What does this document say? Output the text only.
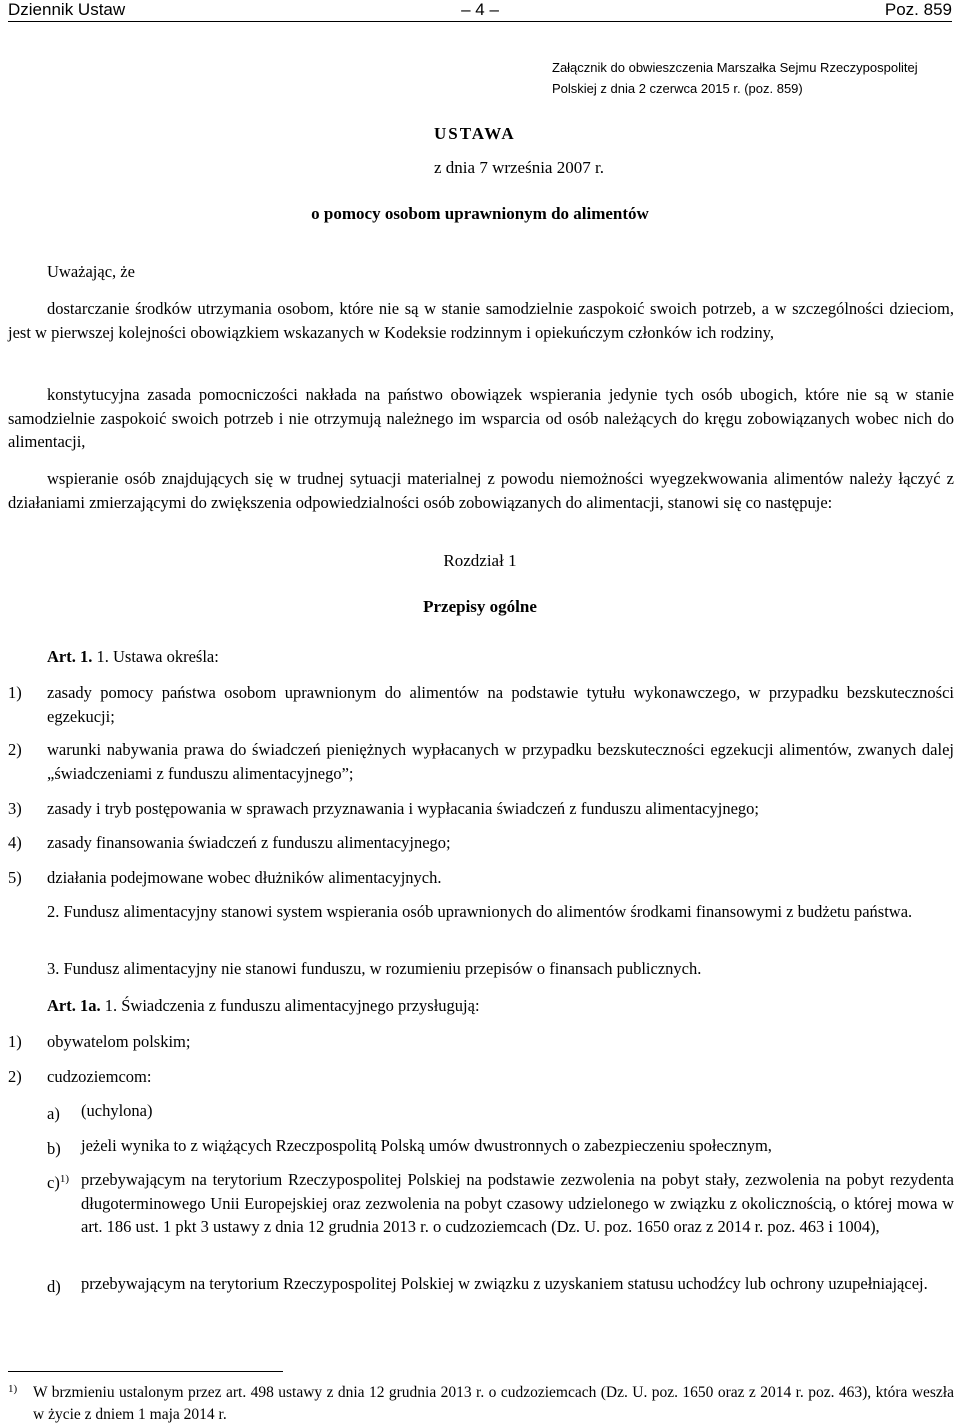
Dziennik Ustaw	– 4 –	Poz. 859
Załącznik do obwieszczenia Marszałka Sejmu Rzeczypospolitej Polskiej z dnia 2 czerwca 2015 r. (poz. 859)
USTAWA
z dnia 7 września 2007 r.
o pomocy osobom uprawnionym do alimentów
Uważając, że
dostarczanie środków utrzymania osobom, które nie są w stanie samodzielnie zaspokoić swoich potrzeb, a w szczególności dzieciom, jest w pierwszej kolejności obowiązkiem wskazanych w Kodeksie rodzinnym i opiekuńczym członków ich rodziny,
konstytucyjna zasada pomocniczości nakłada na państwo obowiązek wspierania jedynie tych osób ubogich, które nie są w stanie samodzielnie zaspokoić swoich potrzeb i nie otrzymują należnego im wsparcia od osób należących do kręgu zobowiązanych wobec nich do alimentacji,
wspieranie osób znajdujących się w trudnej sytuacji materialnej z powodu niemożności wyegzekwowania alimentów należy łączyć z działaniami zmierzającymi do zwiększenia odpowiedzialności osób zobowiązanych do alimentacji, stanowi się co następuje:
Rozdział 1
Przepisy ogólne
Art. 1. 1. Ustawa określa:
1) zasady pomocy państwa osobom uprawnionym do alimentów na podstawie tytułu wykonawczego, w przypadku bezskuteczności egzekucji;
2) warunki nabywania prawa do świadczeń pieniężnych wypłacanych w przypadku bezskuteczności egzekucji alimentów, zwanych dalej „świadczeniami z funduszu alimentacyjnego”;
3) zasady i tryb postępowania w sprawach przyznawania i wypłacania świadczeń z funduszu alimentacyjnego;
4) zasady finansowania świadczeń z funduszu alimentacyjnego;
5) działania podejmowane wobec dłużników alimentacyjnych.
2. Fundusz alimentacyjny stanowi system wspierania osób uprawnionych do alimentów środkami finansowymi z budżetu państwa.
3. Fundusz alimentacyjny nie stanowi funduszu, w rozumieniu przepisów o finansach publicznych.
Art. 1a. 1. Świadczenia z funduszu alimentacyjnego przysługują:
1) obywatelom polskim;
2) cudzoziemcom:
a) (uchylona)
b) jeżeli wynika to z wiążących Rzeczpospolitą Polską umów dwustronnych o zabezpieczeniu społecznym,
c)$^{1)}$ przebywającym na terytorium Rzeczypospolitej Polskiej na podstawie zezwolenia na pobyt stały, zezwolenia na pobyt rezydenta długoterminowego Unii Europejskiej oraz zezwolenia na pobyt czasowy udzielonego w związku z okolicznością, o której mowa w art. 186 ust. 1 pkt 3 ustawy z dnia 12 grudnia 2013 r. o cudzoziemcach (Dz. U. poz. 1650 oraz z 2014 r. poz. 463 i 1004),
d) przebywającym na terytorium Rzeczypospolitej Polskiej w związku z uzyskaniem statusu uchodźcy lub ochrony uzupełniającej.
1) W brzmieniu ustalonym przez art. 498 ustawy z dnia 12 grudnia 2013 r. o cudzoziemcach (Dz. U. poz. 1650 oraz z 2014 r. poz. 463), która weszła w życie z dniem 1 maja 2014 r.
